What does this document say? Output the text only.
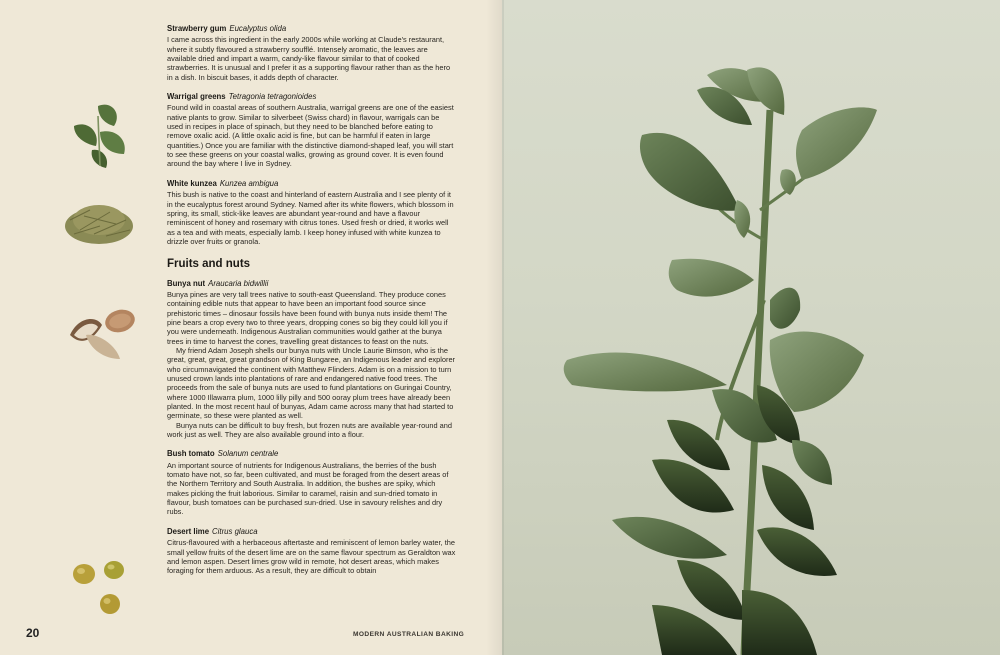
Strawberry gum Eucalyptus olida

I came across this ingredient in the early 2000s while working at Claude's restaurant, where it subtly flavoured a strawberry soufflé. Intensely aromatic, the leaves are available dried and impart a warm, candy-like flavour similar to that of cooked strawberries. It is unusual and I prefer it as a supporting flavour rather than as the hero in a dish. In biscuit bases, it adds depth of character.

Warrigal greens Tetragonia tetragonioides

Found wild in coastal areas of southern Australia, warrigal greens are one of the easiest native plants to grow. Similar to silverbeet (Swiss chard) in flavour, warrigals can be used in recipes in place of spinach, but they need to be blanched before eating to remove oxalic acid. (A little oxalic acid is fine, but can be harmful if eaten in large quantities.) Once you are familiar with the distinctive diamond-shaped leaf, you will start to see these greens on your coastal walks, growing as ground cover. It is even found around the bay where I live in Sydney.

White kunzea Kunzea ambigua

This bush is native to the coast and hinterland of eastern Australia and I see plenty of it in the eucalyptus forest around Sydney. Named after its white flowers, which blossom in spring, its small, stick-like leaves are abundant year-round and have a flavour reminiscent of honey and rosemary with citrus tones. Used fresh or dried, it works well as a tea and with meats, especially lamb. I keep honey infused with white kunzea to drizzle over fruits or granola.

Fruits and nuts
Bunya nut Araucaria bidwillii

Bunya pines are very tall trees native to south-east Queensland. They produce cones containing edible nuts that appear to have been an important food source since prehistoric times – dinosaur fossils have been found with bunya nuts inside them! The pine bears a crop every two to three years, dropping cones so big they could kill you if you were underneath. Indigenous Australian communities would gather at the bunya trees in time to harvest the cones, travelling great distances to feast on the nuts.

My friend Adam Joseph shells our bunya nuts with Uncle Laurie Bimson, who is the great, great, great, great grandson of King Bungaree, an Indigenous leader and explorer who circumnavigated the continent with Matthew Flinders. Adam is on a mission to turn unused crown lands into plantations of rare and endangered native food trees. The proceeds from the sale of bunya nuts are used to fund plantations on Guringai Country, where 1000 Illawarra plum, 1000 lilly pilly and 500 ooray plum trees have already been planted. In the most recent haul of bunyas, Adam came across many that had started to germinate, so these were planted as well.

Bunya nuts can be difficult to buy fresh, but frozen nuts are available year-round and work just as well. They are also available ground into a flour.

Bush tomato Solanum centrale

An important source of nutrients for Indigenous Australians, the berries of the bush tomato have not, so far, been cultivated, and must be foraged from the desert areas of the Northern Territory and South Australia. In addition, the bushes are spiky, which makes picking the fruit laborious. Similar to caramel, raisin and sun-dried tomato in flavour, bush tomatoes can be purchased sun-dried. Use in savoury relishes and dry rubs.

Desert lime Citrus glauca

Citrus-flavoured with a herbaceous aftertaste and reminiscent of lemon barley water, the small yellow fruits of the desert lime are on the same flavour spectrum as Geraldton wax and lemon aspen. Desert limes grow wild in remote, hot desert areas, which makes foraging for them arduous. As a result, they are difficult to obtain

20	MODERN AUSTRALIAN BAKING
